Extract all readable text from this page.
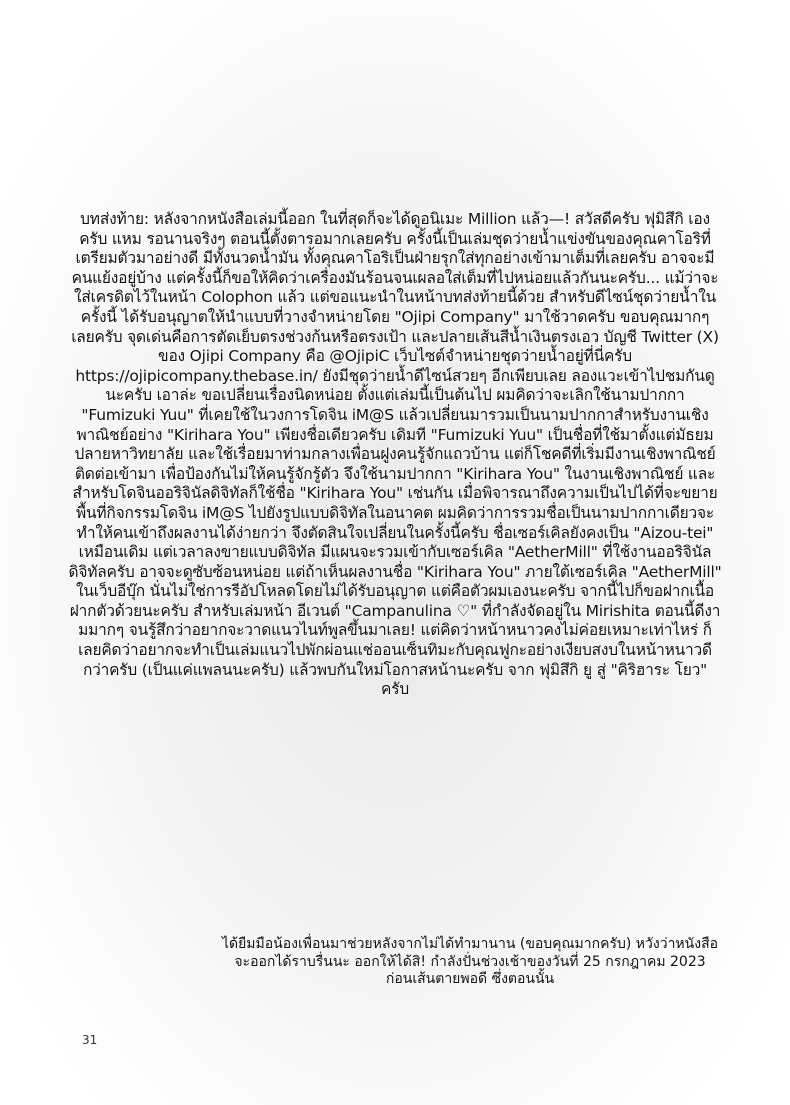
บทส่งท้าย: หลังจากหนังสือเล่มนี้ออก ในที่สุดก็จะได้ดูอนิเมะ Million แล้ว—! สวัสดีครับ ฟุมิสึกิ เองครับ แหม รอนานจริงๆ ตอนนี้ตั้งตารอมากเลยครับ ครั้งนี้เป็นเล่มชุดว่ายน้ำแข่งขันของคุณคาโอริที่เตรียมตัวมาอย่างดี มีทั้งนวดน้ำมัน ทั้งคุณคาโอริเป็นฝ่ายรุกใส่ทุกอย่างเข้ามาเต็มที่เลยครับ อาจจะมีคนแย้งอยู่บ้าง แต่ครั้งนี้ก็ขอให้คิดว่าเครื่องมันร้อนจนเผลอใส่เต็มที่ไปหน่อยแล้วกันนะครับ... แม้ว่าจะใส่เครดิตไว้ในหน้า Colophon แล้ว แต่ขอแนะนำในหน้าบทส่งท้ายนี้ด้วย สำหรับดีไซน์ชุดว่ายน้ำในครั้งนี้ ได้รับอนุญาตให้นำแบบที่วางจำหน่ายโดย "Ojipi Company" มาใช้วาดครับ ขอบคุณมากๆ เลยครับ จุดเด่นคือการตัดเย็บตรงช่วงก้นหรือตรงเป้า และปลายเส้นสีน้ำเงินตรงเอว บัญชี Twitter (X) ของ Ojipi Company คือ @OjipiC เว็บไซต์จำหน่ายชุดว่ายน้ำอยู่ที่นี่ครับ https://ojipicompany.thebase.in/ ยังมีชุดว่ายน้ำดีไซน์สวยๆ อีกเพียบเลย ลองแวะเข้าไปชมกันดูนะครับ เอาล่ะ ขอเปลี่ยนเรื่องนิดหน่อย ตั้งแต่เล่มนี้เป็นต้นไป ผมคิดว่าจะเลิกใช้นามปากกา "Fumizuki Yuu" ที่เคยใช้ในวงการโดจิน iM@S แล้วเปลี่ยนมารวมเป็นนามปากกาสำหรับงานเชิงพาณิชย์อย่าง "Kirihara You" เพียงชื่อเดียวครับ เดิมที "Fumizuki Yuu" เป็นชื่อที่ใช้มาตั้งแต่มัธยมปลายหาวิทยาลัย และใช้เรื่อยมาท่ามกลางเพื่อนฝูงคนรู้จักแถวบ้าน แต่ก็โชคดีที่เริ่มมีงานเชิงพาณิชย์ติดต่อเข้ามา เพื่อป้องกันไม่ให้คนรู้จักรู้ตัว จึงใช้นามปากกา "Kirihara You" ในงานเชิงพาณิชย์ และสำหรับโดจินออริจินัลดิจิทัลก็ใช้ชื่อ "Kirihara You" เช่นกัน เมื่อพิจารณาถึงความเป็นไปได้ที่จะขยายพื้นที่กิจกรรมโดจิน iM@S ไปยังรูปแบบดิจิทัลในอนาคต ผมคิดว่าการรวมชื่อเป็นนามปากกาเดียวจะทำให้คนเข้าถึงผลงานได้ง่ายกว่า จึงตัดสินใจเปลี่ยนในครั้งนี้ครับ ชื่อเซอร์เคิลยังคงเป็น "Aizou-tei" เหมือนเดิม แต่เวลาลงขายแบบดิจิทัล มีแผนจะรวมเข้ากับเซอร์เคิล "AetherMill" ที่ใช้งานออริจินัลดิจิทัลครับ อาจจะดูซับซ้อนหน่อย แต่ถ้าเห็นผลงานชื่อ "Kirihara You" ภายใต้เซอร์เคิล "AetherMill" ในเว็บอีบุ๊ก นั่นไม่ใช่การรีอัปโหลดโดยไม่ได้รับอนุญาต แต่คือตัวผมเองนะครับ จากนี้ไปก็ขอฝากเนื้อฝากตัวด้วยนะครับ สำหรับเล่มหน้า อีเวนต์ "Campanulina ♡" ที่กำลังจัดอยู่ใน Mirishita ตอนนี้ดีงามมากๆ จนรู้สึกว่าอยากจะวาดแนวไนท์พูลขึ้นมาเลย! แต่คิดว่าหน้าหนาวคงไม่ค่อยเหมาะเท่าไหร่ ก็เลยคิดว่าอยากจะทำเป็นเล่มแนวไปพักผ่อนแช่ออนเซ็นทิมะกับคุณฟูกะอย่างเงียบสงบในหน้าหนาวดีกว่าครับ (เป็นแค่แพลนนะครับ) แล้วพบกันใหม่โอกาสหน้านะครับ จาก ฟุมิสึกิ ยู สู่ "คิริฮาระ โยว" ครับ

ได้ยืมมือน้องเพื่อนมาช่วยหลังจากไม่ได้ทำมานาน (ขอบคุณมากครับ) หวังว่าหนังสือจะออกได้ราบรื่นนะ ออกให้ได้สิ! กำลังปั่นช่วงเช้าของวันที่ 25 กรกฎาคม 2023 ก่อนเส้นตายพอดี ซึ่งตอนนั้น

31
